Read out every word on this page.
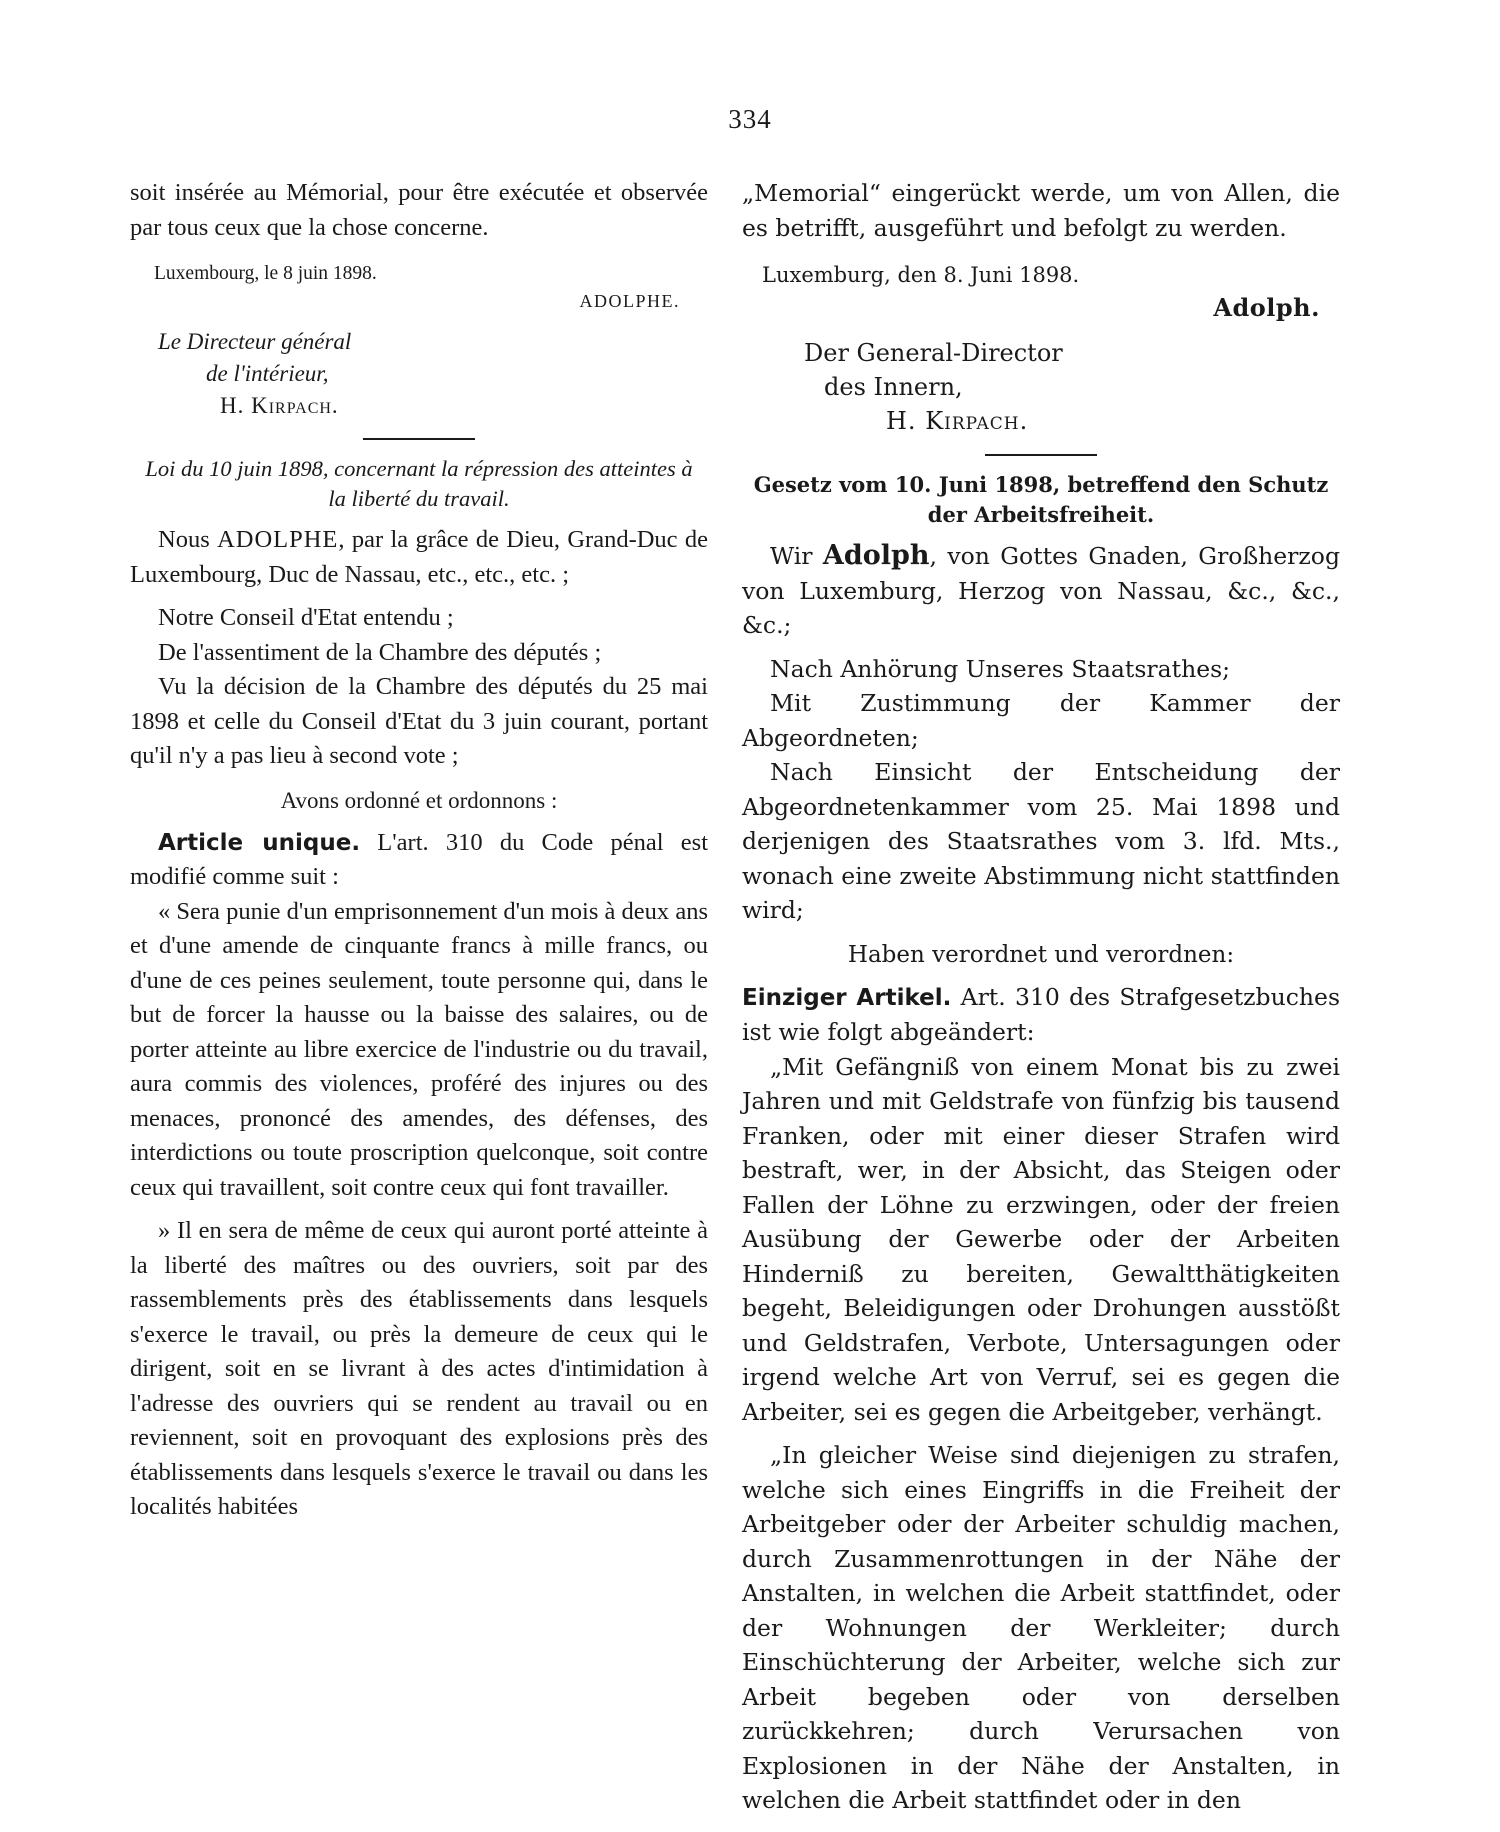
334

soit insérée au Mémorial, pour être exécutée et observée par tous ceux que la chose concerne.

Luxembourg, le 8 juin 1898.

ADOLPHE.

Le Directeur général
de l'intérieur,
H. Kirpach.

Loi du 10 juin 1898, concernant la répression des atteintes à la liberté du travail.

Nous ADOLPHE, par la grâce de Dieu, Grand-Duc de Luxembourg, Duc de Nassau, etc., etc., etc. ;

Notre Conseil d'Etat entendu ;

De l'assentiment de la Chambre des députés ;

Vu la décision de la Chambre des députés du 25 mai 1898 et celle du Conseil d'Etat du 3 juin courant, portant qu'il n'y a pas lieu à second vote ;

Avons ordonné et ordonnons :

Article unique. L'art. 310 du Code pénal est modifié comme suit :

« Sera punie d'un emprisonnement d'un mois à deux ans et d'une amende de cinquante francs à mille francs, ou d'une de ces peines seulement, toute personne qui, dans le but de forcer la hausse ou la baisse des salaires, ou de porter atteinte au libre exercice de l'industrie ou du travail, aura commis des violences, proféré des injures ou des menaces, prononcé des amendes, des défenses, des interdictions ou toute proscription quelconque, soit contre ceux qui travaillent, soit contre ceux qui font travailler.

» Il en sera de même de ceux qui auront porté atteinte à la liberté des maîtres ou des ouvriers, soit par des rassemblements près des établissements dans lesquels s'exerce le travail, ou près la demeure de ceux qui le dirigent, soit en se livrant à des actes d'intimidation à l'adresse des ouvriers qui se rendent au travail ou en reviennent, soit en provoquant des explosions près des établissements dans lesquels s'exerce le travail ou dans les localités habitées

„Memorial“ eingerückt werde, um von Allen, die es betrifft, ausgeführt und befolgt zu werden.

Luxemburg, den 8. Juni 1898.

Adolph.

Der General-Director
des Innern,
H. Kirpach.

Gesetz vom 10. Juni 1898, betreffend den Schutz der Arbeitsfreiheit.

Wir Adolph, von Gottes Gnaden, Großherzog von Luxemburg, Herzog von Nassau, &c., &c., &c.;

Nach Anhörung Unseres Staatsrathes;

Mit Zustimmung der Kammer der Abgeordneten;

Nach Einsicht der Entscheidung der Abgeordnetenkammer vom 25. Mai 1898 und derjenigen des Staatsrathes vom 3. lfd. Mts., wonach eine zweite Abstimmung nicht stattfinden wird;

Haben verordnet und verordnen:

Einziger Artikel. Art. 310 des Strafgesetzbuches ist wie folgt abgeändert:

„Mit Gefängniß von einem Monat bis zu zwei Jahren und mit Geldstrafe von fünfzig bis tausend Franken, oder mit einer dieser Strafen wird bestraft, wer, in der Absicht, das Steigen oder Fallen der Löhne zu erzwingen, oder der freien Ausübung der Gewerbe oder der Arbeiten Hinderniß zu bereiten, Gewaltthätigkeiten begeht, Beleidigungen oder Drohungen ausstößt und Geldstrafen, Verbote, Untersagungen oder irgend welche Art von Verruf, sei es gegen die Arbeiter, sei es gegen die Arbeitgeber, verhängt.

„In gleicher Weise sind diejenigen zu strafen, welche sich eines Eingriffs in die Freiheit der Arbeitgeber oder der Arbeiter schuldig machen, durch Zusammenrottungen in der Nähe der Anstalten, in welchen die Arbeit stattfindet, oder der Wohnungen der Werkleiter; durch Einschüchterung der Arbeiter, welche sich zur Arbeit begeben oder von derselben zurückkehren; durch Verursachen von Explosionen in der Nähe der Anstalten, in welchen die Arbeit stattfindet oder in den
